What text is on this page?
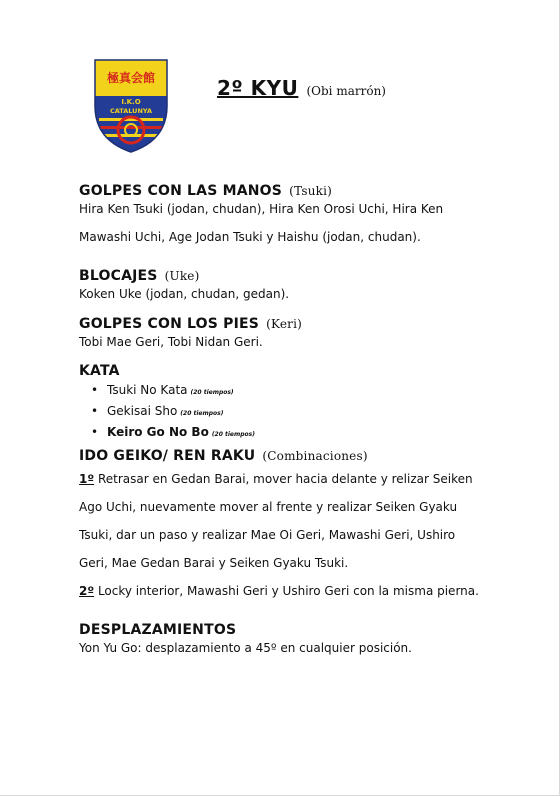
極真会館
I.K.O
CATALUNYA
2º KYU (Obi marrón)
GOLPES CON LAS MANOS (Tsuki)
Hira Ken Tsuki (jodan, chudan), Hira Ken Orosi Uchi, Hira Ken
Mawashi Uchi, Age Jodan Tsuki y Haishu (jodan, chudan).
BLOCAJES (Uke)
Koken Uke (jodan, chudan, gedan).
GOLPES CON LOS PIES (Keri)
Tobi Mae Geri, Tobi Nidan Geri.
KATA
• Tsuki No Kata (20 tiempos)
• Gekisai Sho (20 tiempos)
• Keiro Go No Bo (20 tiempos)
IDO GEIKO/ REN RAKU (Combinaciones)
1º Retrasar en Gedan Barai, mover hacia delante y relizar Seiken
Ago Uchi, nuevamente mover al frente y realizar Seiken Gyaku
Tsuki, dar un paso y realizar Mae Oi Geri, Mawashi Geri, Ushiro
Geri, Mae Gedan Barai y Seiken Gyaku Tsuki.
2º Locky interior, Mawashi Geri y Ushiro Geri con la misma pierna.
DESPLAZAMIENTOS
Yon Yu Go: desplazamiento a 45º en cualquier posición.
